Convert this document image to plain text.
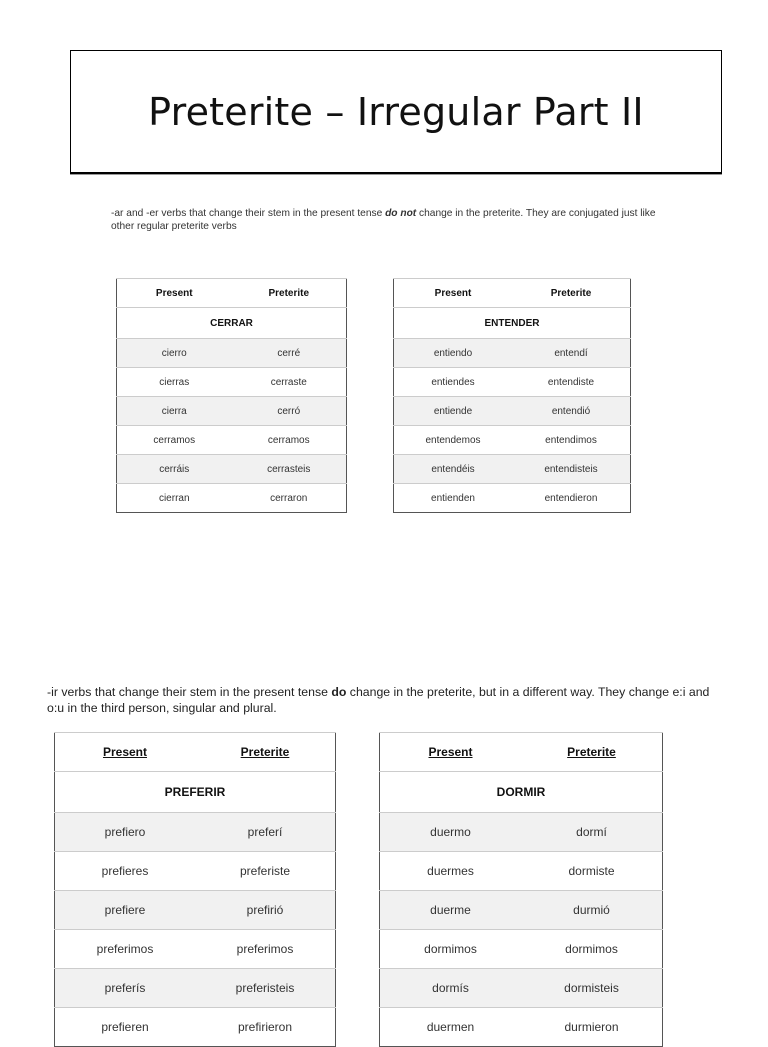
Preterite – Irregular Part II
-ar and -er verbs that change their stem in the present tense do not change in the preterite. They are conjugated just like other regular preterite verbs
Present	Preterite
CERRAR	
cierro	cerré
cierras	cerraste
cierra	cerró
cerramos	cerramos
cerráis	cerrasteis
cierran	cerraron
Present	Preterite
ENTENDER	
entiendo	entendí
entiendes	entendiste
entiende	entendió
entendemos	entendimos
entendéis	entendisteis
entienden	entendieron
-ir verbs that change their stem in the present tense do change in the preterite, but in a different way. They change e:i and o:u in the third person, singular and plural.
Present	Preterite
PREFERIR	
prefiero	preferí
prefieres	preferiste
prefiere	prefirió
preferimos	preferimos
preferís	preferisteis
prefieren	prefirieron
Present	Preterite
DORMIR	
duermo	dormí
duermes	dormiste
duerme	durmió
dormimos	dormimos
dormís	dormisteis
duermen	durmieron
